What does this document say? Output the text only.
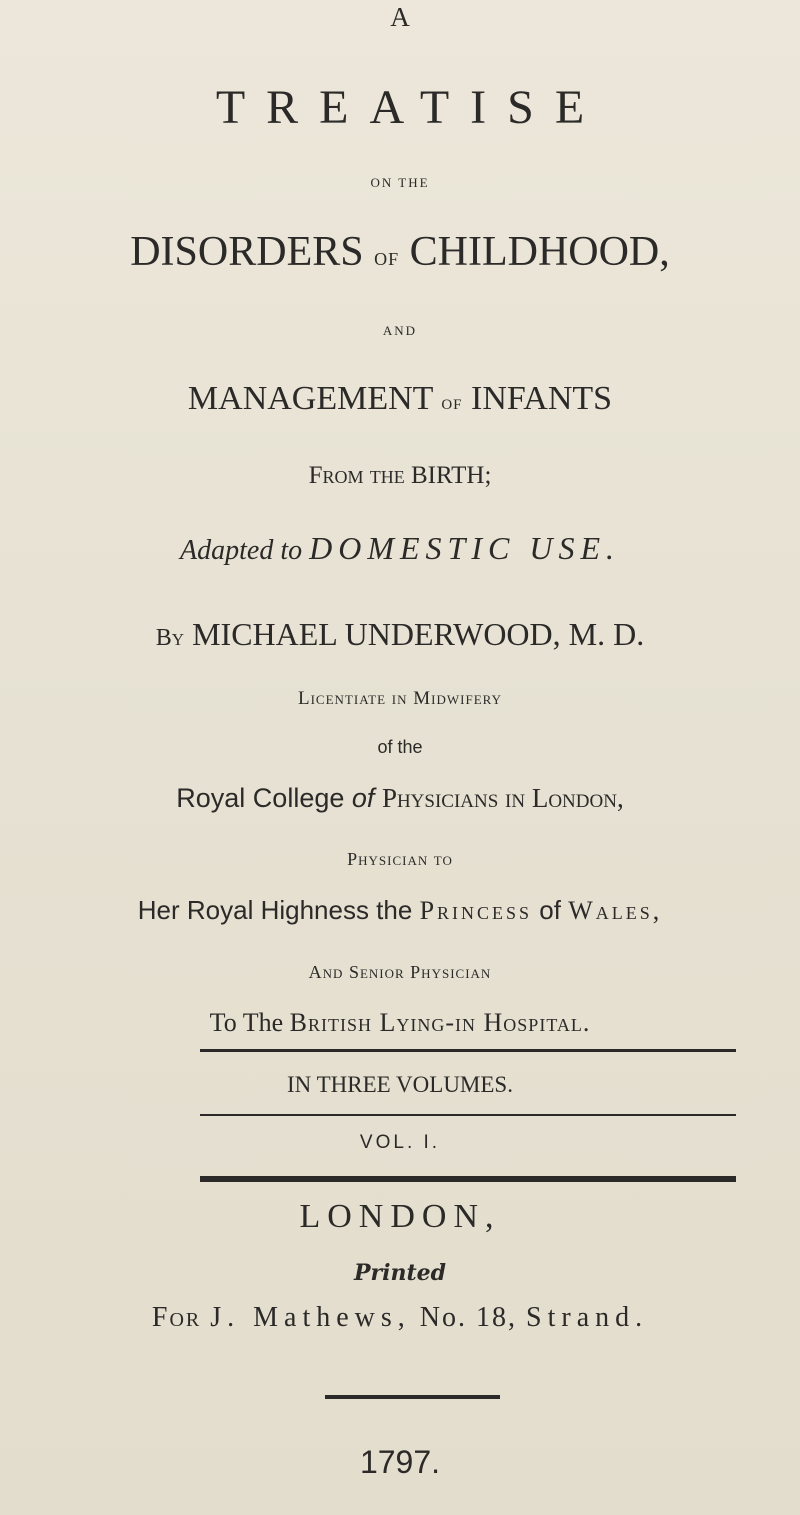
A
TREATISE
ON THE
DISORDERS of CHILDHOOD,
AND
MANAGEMENT of INFANTS
From the BIRTH;
Adapted to DOMESTIC USE.
By MICHAEL UNDERWOOD, M. D.
Licentiate in Midwifery
of the
Royal College of Physicians in London,
Physician to
Her Royal Highness the Princess of Wales,
And Senior Physician
To The British Lying-in Hospital.
IN THREE VOLUMES.
VOL. I.
LONDON,
Printed
For J. Mathews, No. 18, Strand.
1797.
